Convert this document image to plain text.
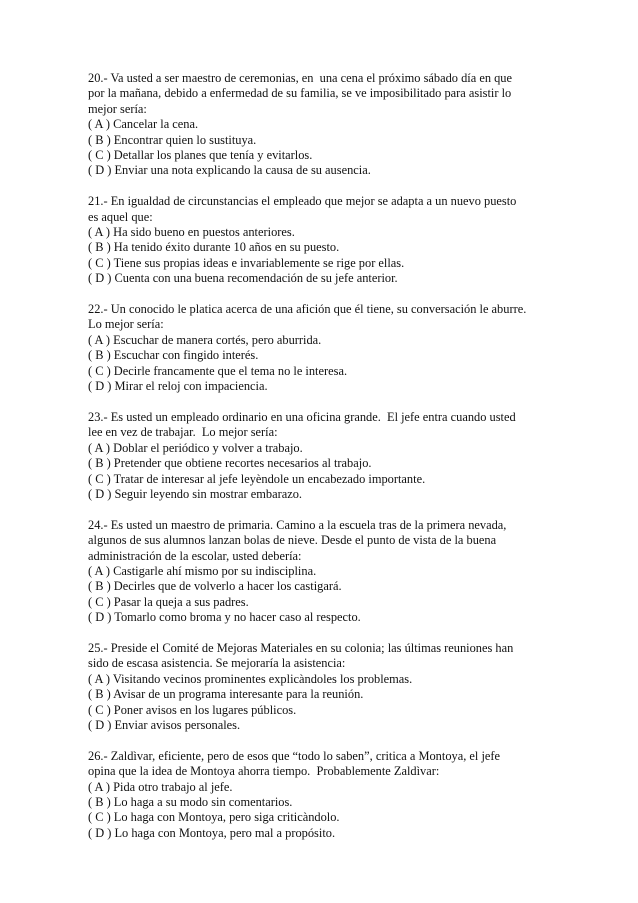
20.- Va usted a ser maestro de ceremonias, en  una cena el próximo sábado día en que
por la mañana, debido a enfermedad de su familia, se ve imposibilitado para asistir lo
mejor sería:

( A ) Cancelar la cena.
( B ) Encontrar quien lo sustituya.
( C ) Detallar los planes que tenía y evitarlos.
( D ) Enviar una nota explicando la causa de su ausencia.

21.- En igualdad de circunstancias el empleado que mejor se adapta a un nuevo puesto
es aquel que:

( A ) Ha sido bueno en puestos anteriores.
( B ) Ha tenido éxito durante 10 años en su puesto.
( C ) Tiene sus propias ideas e invariablemente se rige por ellas.
( D ) Cuenta con una buena recomendación de su jefe anterior.

22.- Un conocido le platica acerca de una afición que él tiene, su conversación le aburre.
Lo mejor sería:

( A ) Escuchar de manera cortés, pero aburrida.
( B ) Escuchar con fingido interés.
( C ) Decirle francamente que el tema no le interesa.
( D ) Mirar el reloj con impaciencia.

23.- Es usted un empleado ordinario en una oficina grande.  El jefe entra cuando usted
lee en vez de trabajar.  Lo mejor sería:

( A ) Doblar el periódico y volver a trabajo.
( B ) Pretender que obtiene recortes necesarios al trabajo.
( C ) Tratar de interesar al jefe leyèndole un encabezado importante.
( D ) Seguir leyendo sin mostrar embarazo.

24.- Es usted un maestro de primaria. Camino a la escuela tras de la primera nevada,
algunos de sus alumnos lanzan bolas de nieve. Desde el punto de vista de la buena
administración de la escolar, usted debería:

( A ) Castigarle ahí mismo por su indisciplina.
( B ) Decirles que de volverlo a hacer los castigará.
( C ) Pasar la queja a sus padres.
( D ) Tomarlo como broma y no hacer caso al respecto.

25.- Preside el Comité de Mejoras Materiales en su colonia; las últimas reuniones han
sido de escasa asistencia. Se mejoraría la asistencia:

( A ) Visitando vecinos prominentes explicàndoles los problemas.
( B ) Avisar de un programa interesante para la reunión.
( C ) Poner avisos en los lugares públicos.
( D ) Enviar avisos personales.

26.- Zaldìvar, eficiente, pero de esos que “todo lo saben”, critica a Montoya, el jefe
opina que la idea de Montoya ahorra tiempo.  Probablemente Zaldìvar:

( A ) Pida otro trabajo al jefe.
( B ) Lo haga a su modo sin comentarios.
( C ) Lo haga con Montoya, pero siga criticàndolo.
( D ) Lo haga con Montoya, pero mal a propósito.
